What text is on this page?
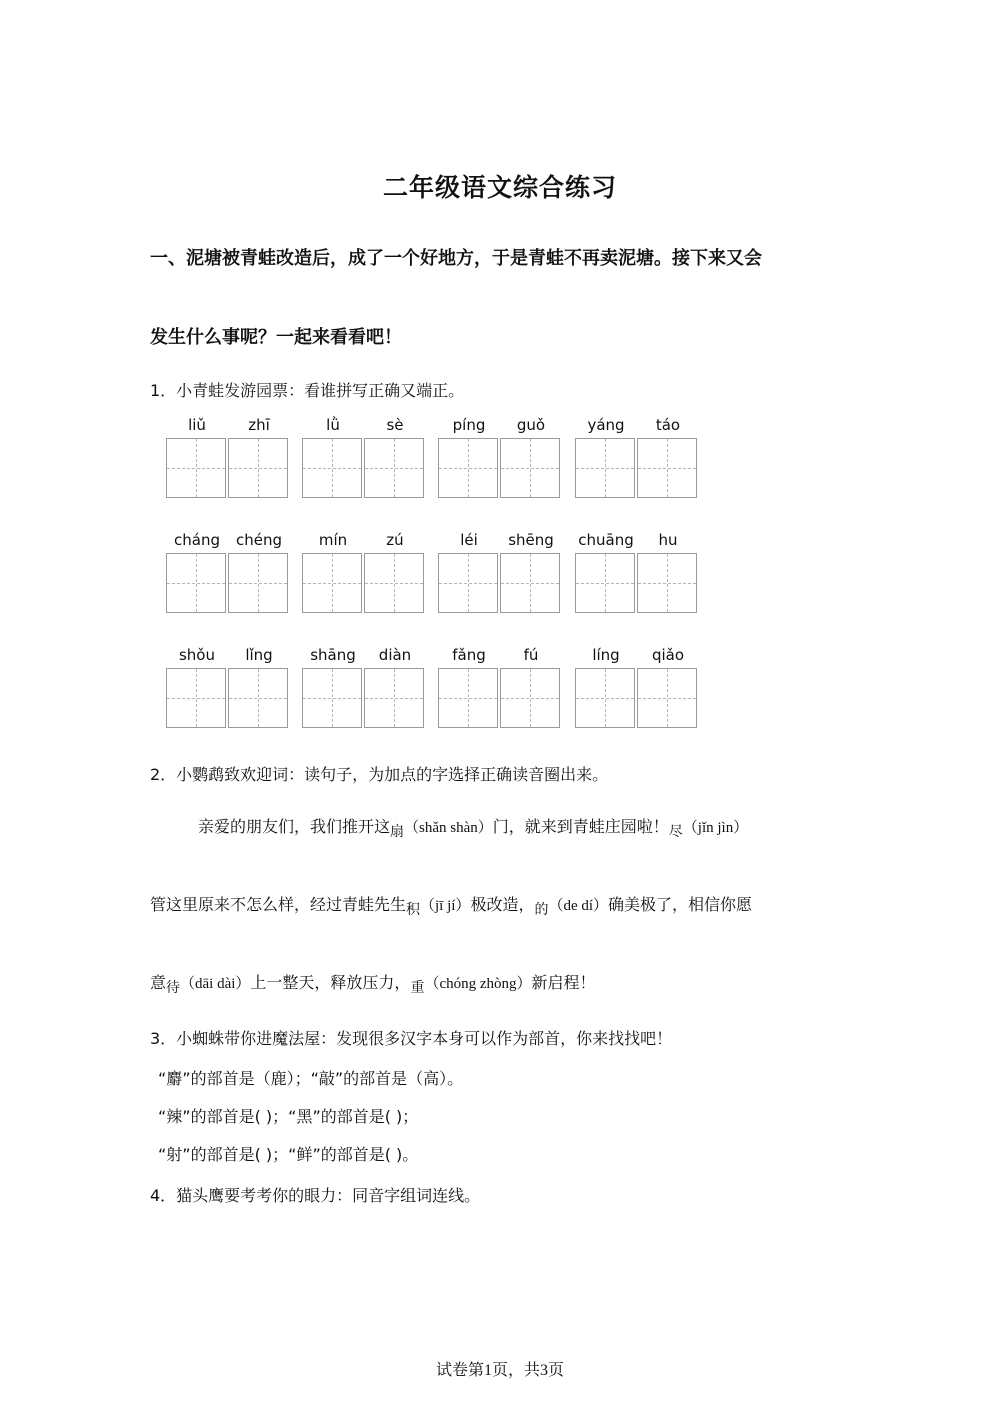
二年级语文综合练习
一、泥塘被青蛙改造后，成了一个好地方，于是青蛙不再卖泥塘。接下来又会
发生什么事呢？一起来看看吧！
1．小青蛙发游园票：看谁拼写正确又端正。
liǔ	zhī	lǜ	sè	píng	guǒ	yáng	táo
cháng	chéng	mín	zú	léi	shēng	chuāng	hu
shǒu	lǐng	shāng	diàn	fǎng	fú	líng	qiǎo
2．小鹦鹉致欢迎词：读句子，为加点的字选择正确读音圈出来。
亲爱的朋友们，我们推开这扇（shǎn shàn）门，就来到青蛙庄园啦！尽（jǐn jìn）
管这里原来不怎么样，经过青蛙先生积（jī jí）极改造，的（de dí）确美极了，相信你愿
意待（dāi dài）上一整天，释放压力，重（chóng zhòng）新启程！
3．小蜘蛛带你进魔法屋：发现很多汉字本身可以作为部首，你来找找吧！
“麝”的部首是（鹿）；“敲”的部首是（高）。
“辣”的部首是( )；“黑”的部首是( )；
“射”的部首是( )；“鲜”的部首是( )。
4．猫头鹰要考考你的眼力：同音字组词连线。
试卷第1页，共3页
